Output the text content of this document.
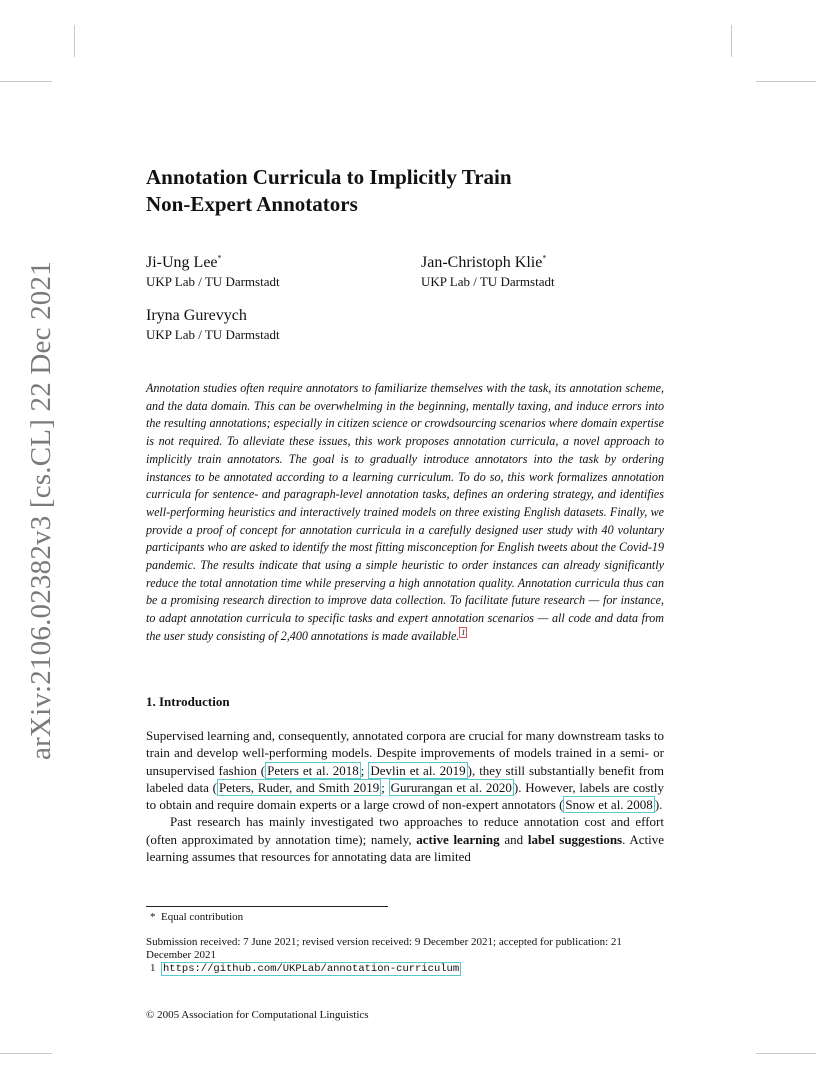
arXiv:2106.02382v3 [cs.CL] 22 Dec 2021
Annotation Curricula to Implicitly Train
Non-Expert Annotators
Ji-Ung Lee*
UKP Lab / TU Darmstadt
Jan-Christoph Klie*
UKP Lab / TU Darmstadt
Iryna Gurevych
UKP Lab / TU Darmstadt

Annotation studies often require annotators to familiarize themselves with the task, its annotation scheme, and the data domain. This can be overwhelming in the beginning, mentally taxing, and induce errors into the resulting annotations; especially in citizen science or crowdsourcing scenarios where domain expertise is not required. To alleviate these issues, this work proposes annotation curricula, a novel approach to implicitly train annotators. The goal is to gradually introduce annotators into the task by ordering instances to be annotated according to a learning curriculum. To do so, this work formalizes annotation curricula for sentence- and paragraph-level annotation tasks, defines an ordering strategy, and identifies well-performing heuristics and interactively trained models on three existing English datasets. Finally, we provide a proof of concept for annotation curricula in a carefully designed user study with 40 voluntary participants who are asked to identify the most fitting misconception for English tweets about the Covid-19 pandemic. The results indicate that using a simple heuristic to order instances can already significantly reduce the total annotation time while preserving a high annotation quality. Annotation curricula thus can be a promising research direction to improve data collection. To facilitate future research — for instance, to adapt annotation curricula to specific tasks and expert annotation scenarios — all code and data from the user study consisting of 2,400 annotations is made available. $^1$

1. Introduction

Supervised learning and, consequently, annotated corpora are crucial for many downstream tasks to train and develop well-performing models. Despite improvements of models trained in a semi- or unsupervised fashion ( Peters et al. 2018 ; Devlin et al. 2019 ), they still substantially benefit from labeled data ( Peters, Ruder, and Smith 2019 ; Gururangan et al. 2020 ). However, labels are costly to obtain and require domain experts or a large crowd of non-expert annotators ( Snow et al. 2008 ).

Past research has mainly investigated two approaches to reduce annotation cost and effort (often approximated by annotation time); namely, active learning and label suggestions. Active learning assumes that resources for annotating data are limited

* Equal contribution
Submission received: 7 June 2021; revised version received: 9 December 2021; accepted for publication: 21 December 2021
1 https://github.com/UKPLab/annotation-curriculum
© 2005 Association for Computational Linguistics
